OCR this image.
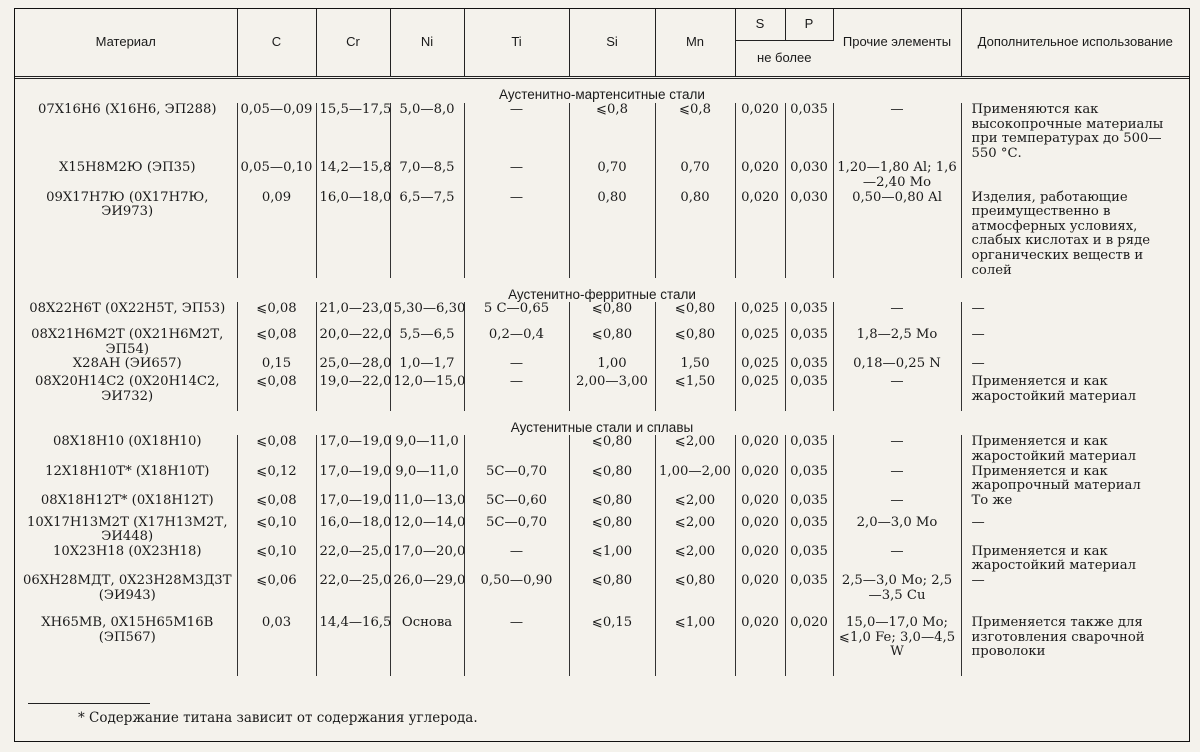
Материал	C	Cr	Ni	Ti	Si	Mn	S	P	Прочие элементы	Дополнительное использование
							не более			
Аустенитно-мартенситные стали										
07Х16Н6 (Х16Н6, ЭП288)	0,05—0,09	15,5—17,5	5,0—8,0	—	⩽0,8	⩽0,8	0,020	0,035	—	Применяются как высокопрочные материалы при температурах до 500—550 °С.
Х15Н8М2Ю (ЭП35)	0,05—0,10	14,2—15,8	7,0—8,5	—	0,70	0,70	0,020	0,030	1,20—1,80 Al; 1,6—2,40 Mo	
09Х17Н7Ю (0Х17Н7Ю, ЭИ973)	0,09	16,0—18,0	6,5—7,5	—	0,80	0,80	0,020	0,030	0,50—0,80 Al	Изделия, работающие преимущественно в атмосферных условиях, слабых кислотах и в ряде органических веществ и солей
Аустенитно-ферритные стали										
08Х22Н6Т (0Х22Н5Т, ЭП53)	⩽0,08	21,0—23,0	5,30—6,30	5 С—0,65	⩽0,80	⩽0,80	0,025	0,035	—	—
08Х21Н6М2Т (0Х21Н6М2Т, ЭП54)	⩽0,08	20,0—22,0	5,5—6,5	0,2—0,4	⩽0,80	⩽0,80	0,025	0,035	1,8—2,5 Mo	—
Х28АН (ЭИ657)	0,15	25,0—28,0	1,0—1,7	—	1,00	1,50	0,025	0,035	0,18—0,25 N	—
08Х20Н14С2 (0Х20Н14С2, ЭИ732)	⩽0,08	19,0—22,0	12,0—15,0	—	2,00—3,00	⩽1,50	0,025	0,035	—	Применяется и как жаростойкий материал
Аустенитные стали и сплавы										
08Х18Н10 (0Х18Н10)	⩽0,08	17,0—19,0	9,0—11,0		⩽0,80	⩽2,00	0,020	0,035	—	Применяется и как жаростойкий материал
12Х18Н10Т* (Х18Н10Т)	⩽0,12	17,0—19,0	9,0—11,0	5С—0,70	⩽0,80	1,00—2,00	0,020	0,035	—	Применяется и как жаропрочный материал
08Х18Н12Т* (0Х18Н12Т)	⩽0,08	17,0—19,0	11,0—13,0	5С—0,60	⩽0,80	⩽2,00	0,020	0,035	—	То же
10Х17Н13М2Т (Х17Н13М2Т, ЭИ448)	⩽0,10	16,0—18,0	12,0—14,0	5С—0,70	⩽0,80	⩽2,00	0,020	0,035	2,0—3,0 Mo	—
10Х23Н18 (0Х23Н18)	⩽0,10	22,0—25,0	17,0—20,0	—	⩽1,00	⩽2,00	0,020	0,035	—	Применяется и как жаростойкий материал
06ХН28МДТ, 0Х23Н28М3Д3Т (ЭИ943)	⩽0,06	22,0—25,0	26,0—29,0	0,50—0,90	⩽0,80	⩽0,80	0,020	0,035	2,5—3,0 Mo; 2,5—3,5 Cu	—
ХН65МВ, 0Х15Н65М16В (ЭП567)	0,03	14,4—16,5	Основа	—	⩽0,15	⩽1,00	0,020	0,020	15,0—17,0 Mo; ⩽1,0 Fe; 3,0—4,5 W	Применяется также для изготовления сварочной проволоки
* Содержание титана зависит от содержания углерода.
